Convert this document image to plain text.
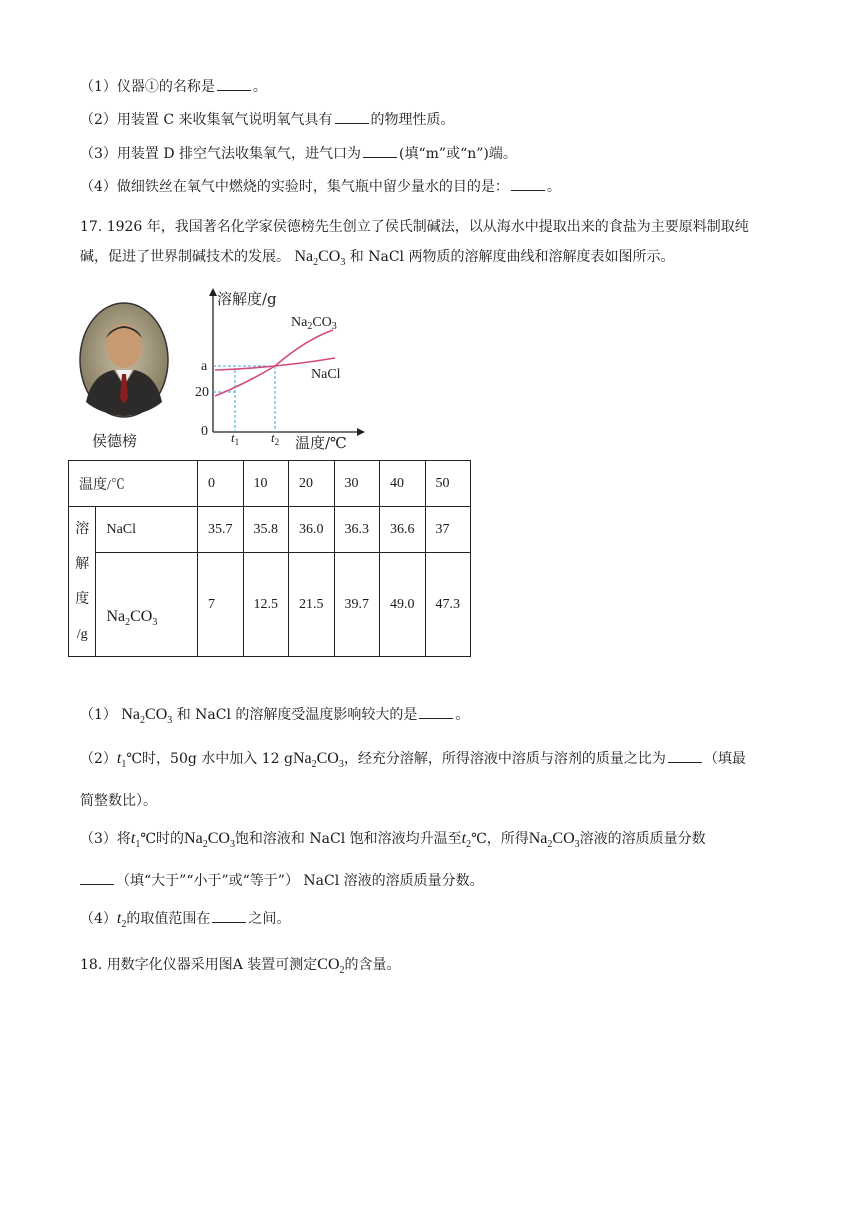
（1）仪器①的名称是	。
（2）用装置 C 来收集氧气说明氧气具有	的物理性质。
（3）用装置 D 排空气法收集氧气，进气口为	(填“m”或“n”)端。
（4）做细铁丝在氧气中燃烧的实验时，集气瓶中留少量水的目的是：	。
17. 1926 年，我国著名化学家侯德榜先生创立了侯氏制碱法，以从海水中提取出来的食盐为主要原料制取纯
碱，促进了世界制碱技术的发展。 $Na_2CO_3$ 和 NaCl 两物质的溶解度曲线和溶解度表如图所示。
侯德榜
溶解度/g
温度/℃
0
20
a
$t_1$ $t_2$
$Na_2CO_3$
NaCl
温度/℃		0	10	20	30	40	50

溶
解
度
/g	NaCl	35.7	35.8	36.0	36.3	36.6	37
	$Na_2CO_3$	7	12.5	21.5	39.7	49.0	47.3
（1） $Na_2CO_3$ 和 NaCl 的溶解度受温度影响较大的是	。
$(2)t_1℃$时，50g 水中加入 12 $gNa_2CO_3$，经充分溶解，所得溶液中溶质与溶剂的质量之比为	（填最
简整数比）。
（3）将$t_1℃$时的$Na_2CO_3$饱和溶液和 NaCl 饱和溶液均升温至$t_2℃$，所得$Na_2CO_3$溶液的溶质质量分数
（填“大于”“小于”或“等于”） NaCl 溶液的溶质质量分数。
$(4)t_2$的取值范围在	之间。
18. 用数字化仪器采用图A 装置可测定$CO_2$的含量。
